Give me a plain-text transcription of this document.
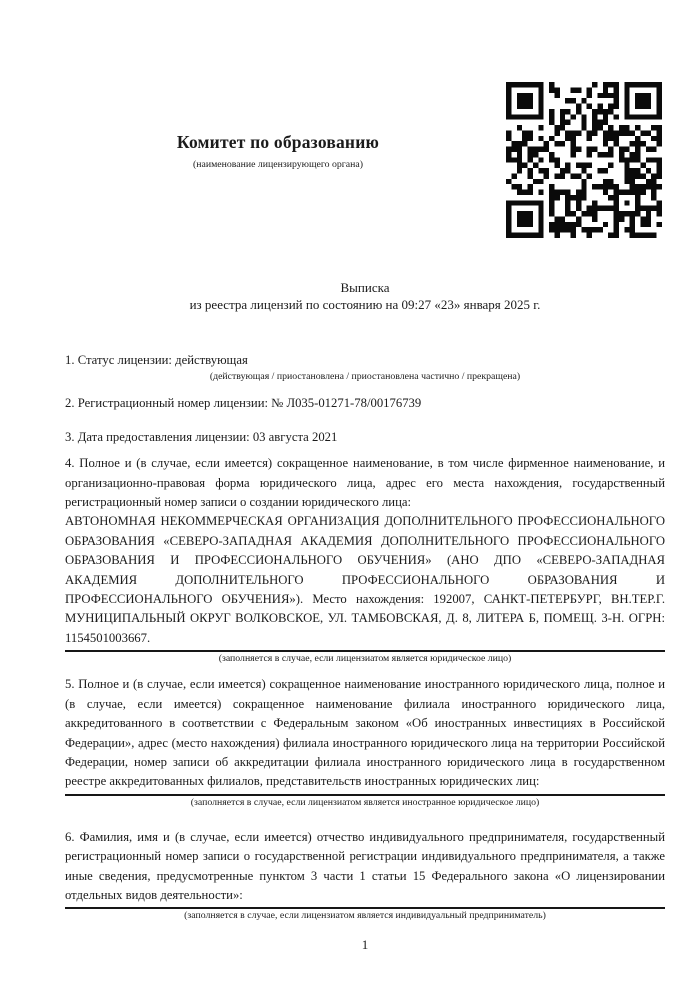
Комитет по образованию
(наименование лицензирующего органа)
Выписка
из реестра лицензий по состоянию на 09:27 «23» января 2025 г.
1. Статус лицензии: действующая
(действующая / приостановлена / приостановлена частично / прекращена)
2. Регистрационный номер лицензии: № Л035-01271-78/00176739
3. Дата предоставления лицензии: 03 августа 2021
4. Полное и (в случае, если имеется) сокращенное наименование, в том числе фирменное наименование, и организационно-правовая форма юридического лица, адрес его места нахождения, государственный регистрационный номер записи о создании юридического лица:
АВТОНОМНАЯ НЕКОММЕРЧЕСКАЯ ОРГАНИЗАЦИЯ ДОПОЛНИТЕЛЬНОГО ПРОФЕССИОНАЛЬНОГО ОБРАЗОВАНИЯ «СЕВЕРО-ЗАПАДНАЯ АКАДЕМИЯ ДОПОЛНИТЕЛЬНОГО ПРОФЕССИОНАЛЬНОГО ОБРАЗОВАНИЯ И ПРОФЕССИОНАЛЬНОГО ОБУЧЕНИЯ» (АНО ДПО «СЕВЕРО-ЗАПАДНАЯ АКАДЕМИЯ ДОПОЛНИТЕЛЬНОГО ПРОФЕССИОНАЛЬНОГО ОБРАЗОВАНИЯ И ПРОФЕССИОНАЛЬНОГО ОБУЧЕНИЯ»). Место нахождения: 192007, САНКТ-ПЕТЕРБУРГ, ВН.ТЕР.Г. МУНИЦИПАЛЬНЫЙ ОКРУГ ВОЛКОВСКОЕ, УЛ. ТАМБОВСКАЯ, Д. 8, ЛИТЕРА Б, ПОМЕЩ. 3-Н. ОГРН: 1154501003667.
(заполняется в случае, если лицензиатом является юридическое лицо)
5. Полное и (в случае, если имеется) сокращенное наименование иностранного юридического лица, полное и (в случае, если имеется) сокращенное наименование филиала иностранного юридического лица, аккредитованного в соответствии с Федеральным законом «Об иностранных инвестициях в Российской Федерации», адрес (место нахождения) филиала иностранного юридического лица на территории Российской Федерации, номер записи об аккредитации филиала иностранного юридического лица в государственном реестре аккредитованных филиалов, представительств иностранных юридических лиц:
(заполняется в случае, если лицензиатом является иностранное юридическое лицо)
6. Фамилия, имя и (в случае, если имеется) отчество индивидуального предпринимателя, государственный регистрационный номер записи о государственной регистрации индивидуального предпринимателя, а также иные сведения, предусмотренные пунктом 3 части 1 статьи 15 Федерального закона «О лицензировании отдельных видов деятельности»:
(заполняется в случае, если лицензиатом является индивидуальный предприниматель)
1
